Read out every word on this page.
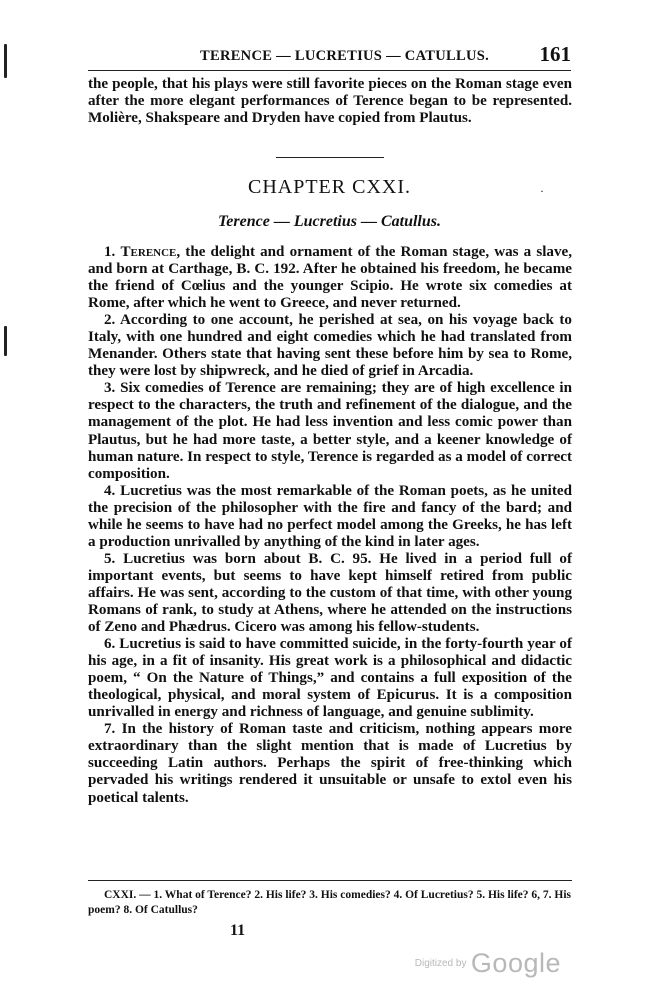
TERENCE — LUCRETIUS — CATULLUS. 161
the people, that his plays were still favorite pieces on the Roman stage even after the more elegant performances of Terence began to be represented. Molière, Shakspeare and Dryden have copied from Plautus.
·
CHAPTER CXXI.
Terence — Lucretius — Catullus.

1. Terence, the delight and ornament of the Roman stage, was a slave, and born at Carthage, B. C. 192. After he obtained his freedom, he became the friend of Cœlius and the younger Scipio. He wrote six comedies at Rome, after which he went to Greece, and never returned.

2. According to one account, he perished at sea, on his voyage back to Italy, with one hundred and eight comedies which he had translated from Menander. Others state that having sent these before him by sea to Rome, they were lost by shipwreck, and he died of grief in Arcadia.

3. Six comedies of Terence are remaining; they are of high excellence in respect to the characters, the truth and refinement of the dialogue, and the management of the plot. He had less invention and less comic power than Plautus, but he had more taste, a better style, and a keener knowledge of human nature. In respect to style, Terence is regarded as a model of correct composition.

4. Lucretius was the most remarkable of the Roman poets, as he united the precision of the philosopher with the fire and fancy of the bard; and while he seems to have had no perfect model among the Greeks, he has left a production unrivalled by anything of the kind in later ages.

5. Lucretius was born about B. C. 95. He lived in a period full of important events, but seems to have kept himself retired from public affairs. He was sent, according to the custom of that time, with other young Romans of rank, to study at Athens, where he attended on the instructions of Zeno and Phædrus. Cicero was among his fellow-students.

6. Lucretius is said to have committed suicide, in the forty-fourth year of his age, in a fit of insanity. His great work is a philosophical and didactic poem, “ On the Nature of Things,” and contains a full exposition of the theological, physical, and moral system of Epicurus. It is a composition unrivalled in energy and richness of language, and genuine sublimity.

7. In the history of Roman taste and criticism, nothing appears more extraordinary than the slight mention that is made of Lucretius by succeeding Latin authors. Perhaps the spirit of free-thinking which pervaded his writings rendered it unsuitable or unsafe to extol even his poetical talents.

CXXI. — 1. What of Terence? 2. His life? 3. His comedies? 4. Of Lucretius? 5. His life? 6, 7. His poem? 8. Of Catullus?

11
Digitized by Google
